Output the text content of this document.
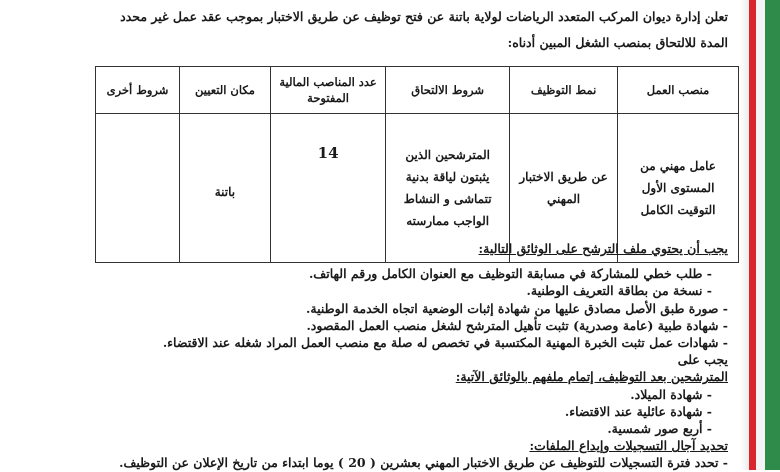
تعلن إدارة ديوان المركب المتعدد الرياضات لولاية باتنة عن فتح توظيف عن طريق الاختبار بموجب عقد عمل غير محدد
المدة للالتحاق بمنصب الشغل المبين أدناه:
منصب العمل	نمط التوظيف	شروط الالتحاق	عدد المناصب المالية المفتوحة	مكان التعيين	شروط أخرى
عامل مهني من المستوى الأول التوقيت الكامل	عن طريق الاختبار المهني	المترشحين الذين يثبتون لياقة بدنية تتماشى و النشاط الواجب ممارسته	14	باتنة	
يجب أن يحتوي ملف الترشح على الوثائق التالية:
- طلب خطي للمشاركة في مسابقة التوظيف مع العنوان الكامل ورقم الهاتف.
- نسخة من بطاقة التعريف الوطنية.
- صورة طبق الأصل مصادق عليها من شهادة إثبات الوضعية اتجاه الخدمة الوطنية.
- شهادة طبية (عامة وصدرية) تثبت تأهيل المترشح لشغل منصب العمل المقصود.
- شهادات عمل تثبت الخبرة المهنية المكتسبة في تخصص له صلة مع منصب العمل المراد شغله عند الاقتضاء.
يجب على
المترشحين بعد التوظيف، إتمام ملفهم بالوثائق الآتية:
- شهادة الميلاد.
- شهادة عائلية عند الاقتضاء.
- أربع صور شمسية.
تحديد آجال التسجيلات وإيداع الملفات:
- تحدد فترة التسجيلات للتوظيف عن طريق الاختبار المهني بعشرين ( 20 ) يوما ابتداء من تاريخ الإعلان عن التوظيف.
